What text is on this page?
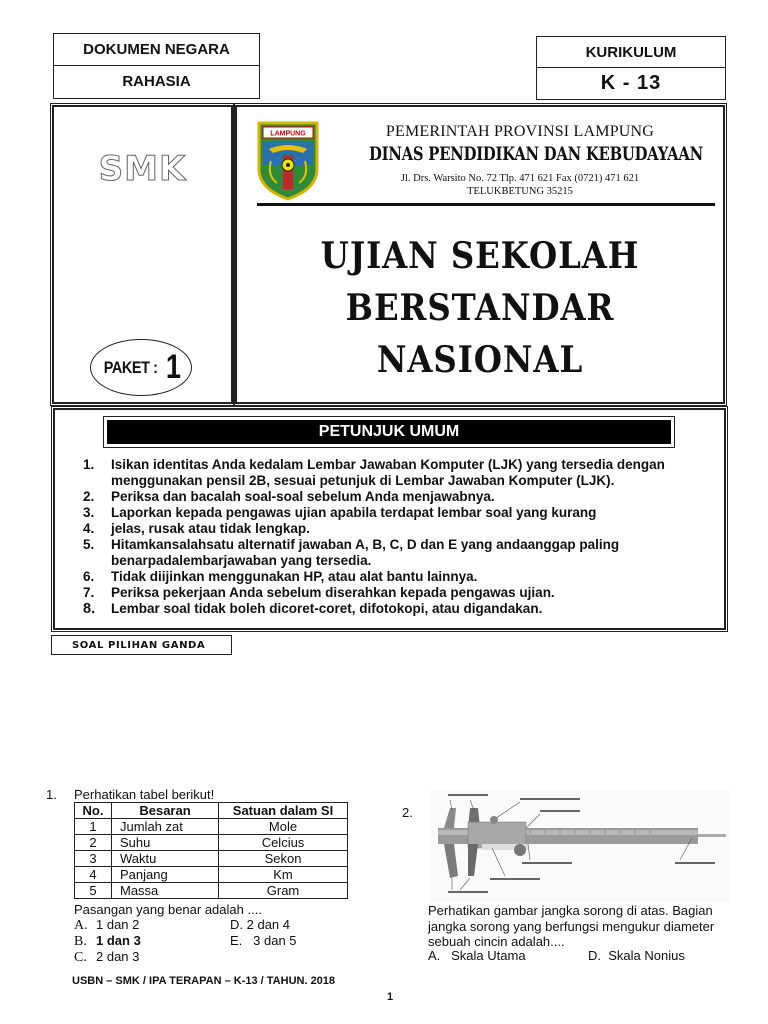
DOKUMEN NEGARA
RAHASIA
KURIKULUM
K - 13
SMK
PAKET : 1
LAMPUNG	PEMERINTAH PROVINSI LAMPUNG
DINAS PENDIDIKAN DAN KEBUDAYAAN
Jl. Drs. Warsito No. 72 Tlp. 471 621 Fax (0721) 471 621
TELUKBETUNG 35215
UJIAN SEKOLAH
BERSTANDAR
NASIONAL
PETUNJUK UMUM
1.	Isikan identitas Anda kedalam Lembar Jawaban Komputer (LJK) yang tersedia dengan
menggunakan pensil 2B, sesuai petunjuk di Lembar Jawaban Komputer (LJK).
2.	Periksa dan bacalah soal-soal sebelum Anda menjawabnya.
3.	Laporkan kepada pengawas ujian apabila terdapat lembar soal yang kurang
4.	jelas, rusak atau tidak lengkap.
5.	Hitamkansalahsatu alternatif jawaban A, B, C, D dan E yang andaanggap paling
benarpadalembarjawaban yang tersedia.
6.	Tidak diijinkan menggunakan HP, atau alat bantu lainnya.
7.	Periksa pekerjaan Anda sebelum diserahkan kepada pengawas ujian.
8.	Lembar soal tidak boleh dicoret-coret, difotokopi, atau digandakan.
SOAL PILIHAN GANDA
1. Perhatikan tabel berikut!
No.	Besaran	Satuan dalam SI
1	Jumlah zat	Mole
2	Suhu	Celcius
3	Waktu	Sekon
4	Panjang	Km
5	Massa	Gram
Pasangan yang benar adalah ....
A. 1 dan 2
B. 1 dan 3
C. 2 dan 3
D. 2 dan 4
E. 3 dan 5
2.
Perhatikan gambar jangka sorong di atas. Bagian
jangka sorong yang berfungsi mengukur diameter
sebuah cincin adalah....
A. Skala Utama	D. Skala Nonius
USBN – SMK / IPA TERAPAN – K-13 / TAHUN. 2018
1
